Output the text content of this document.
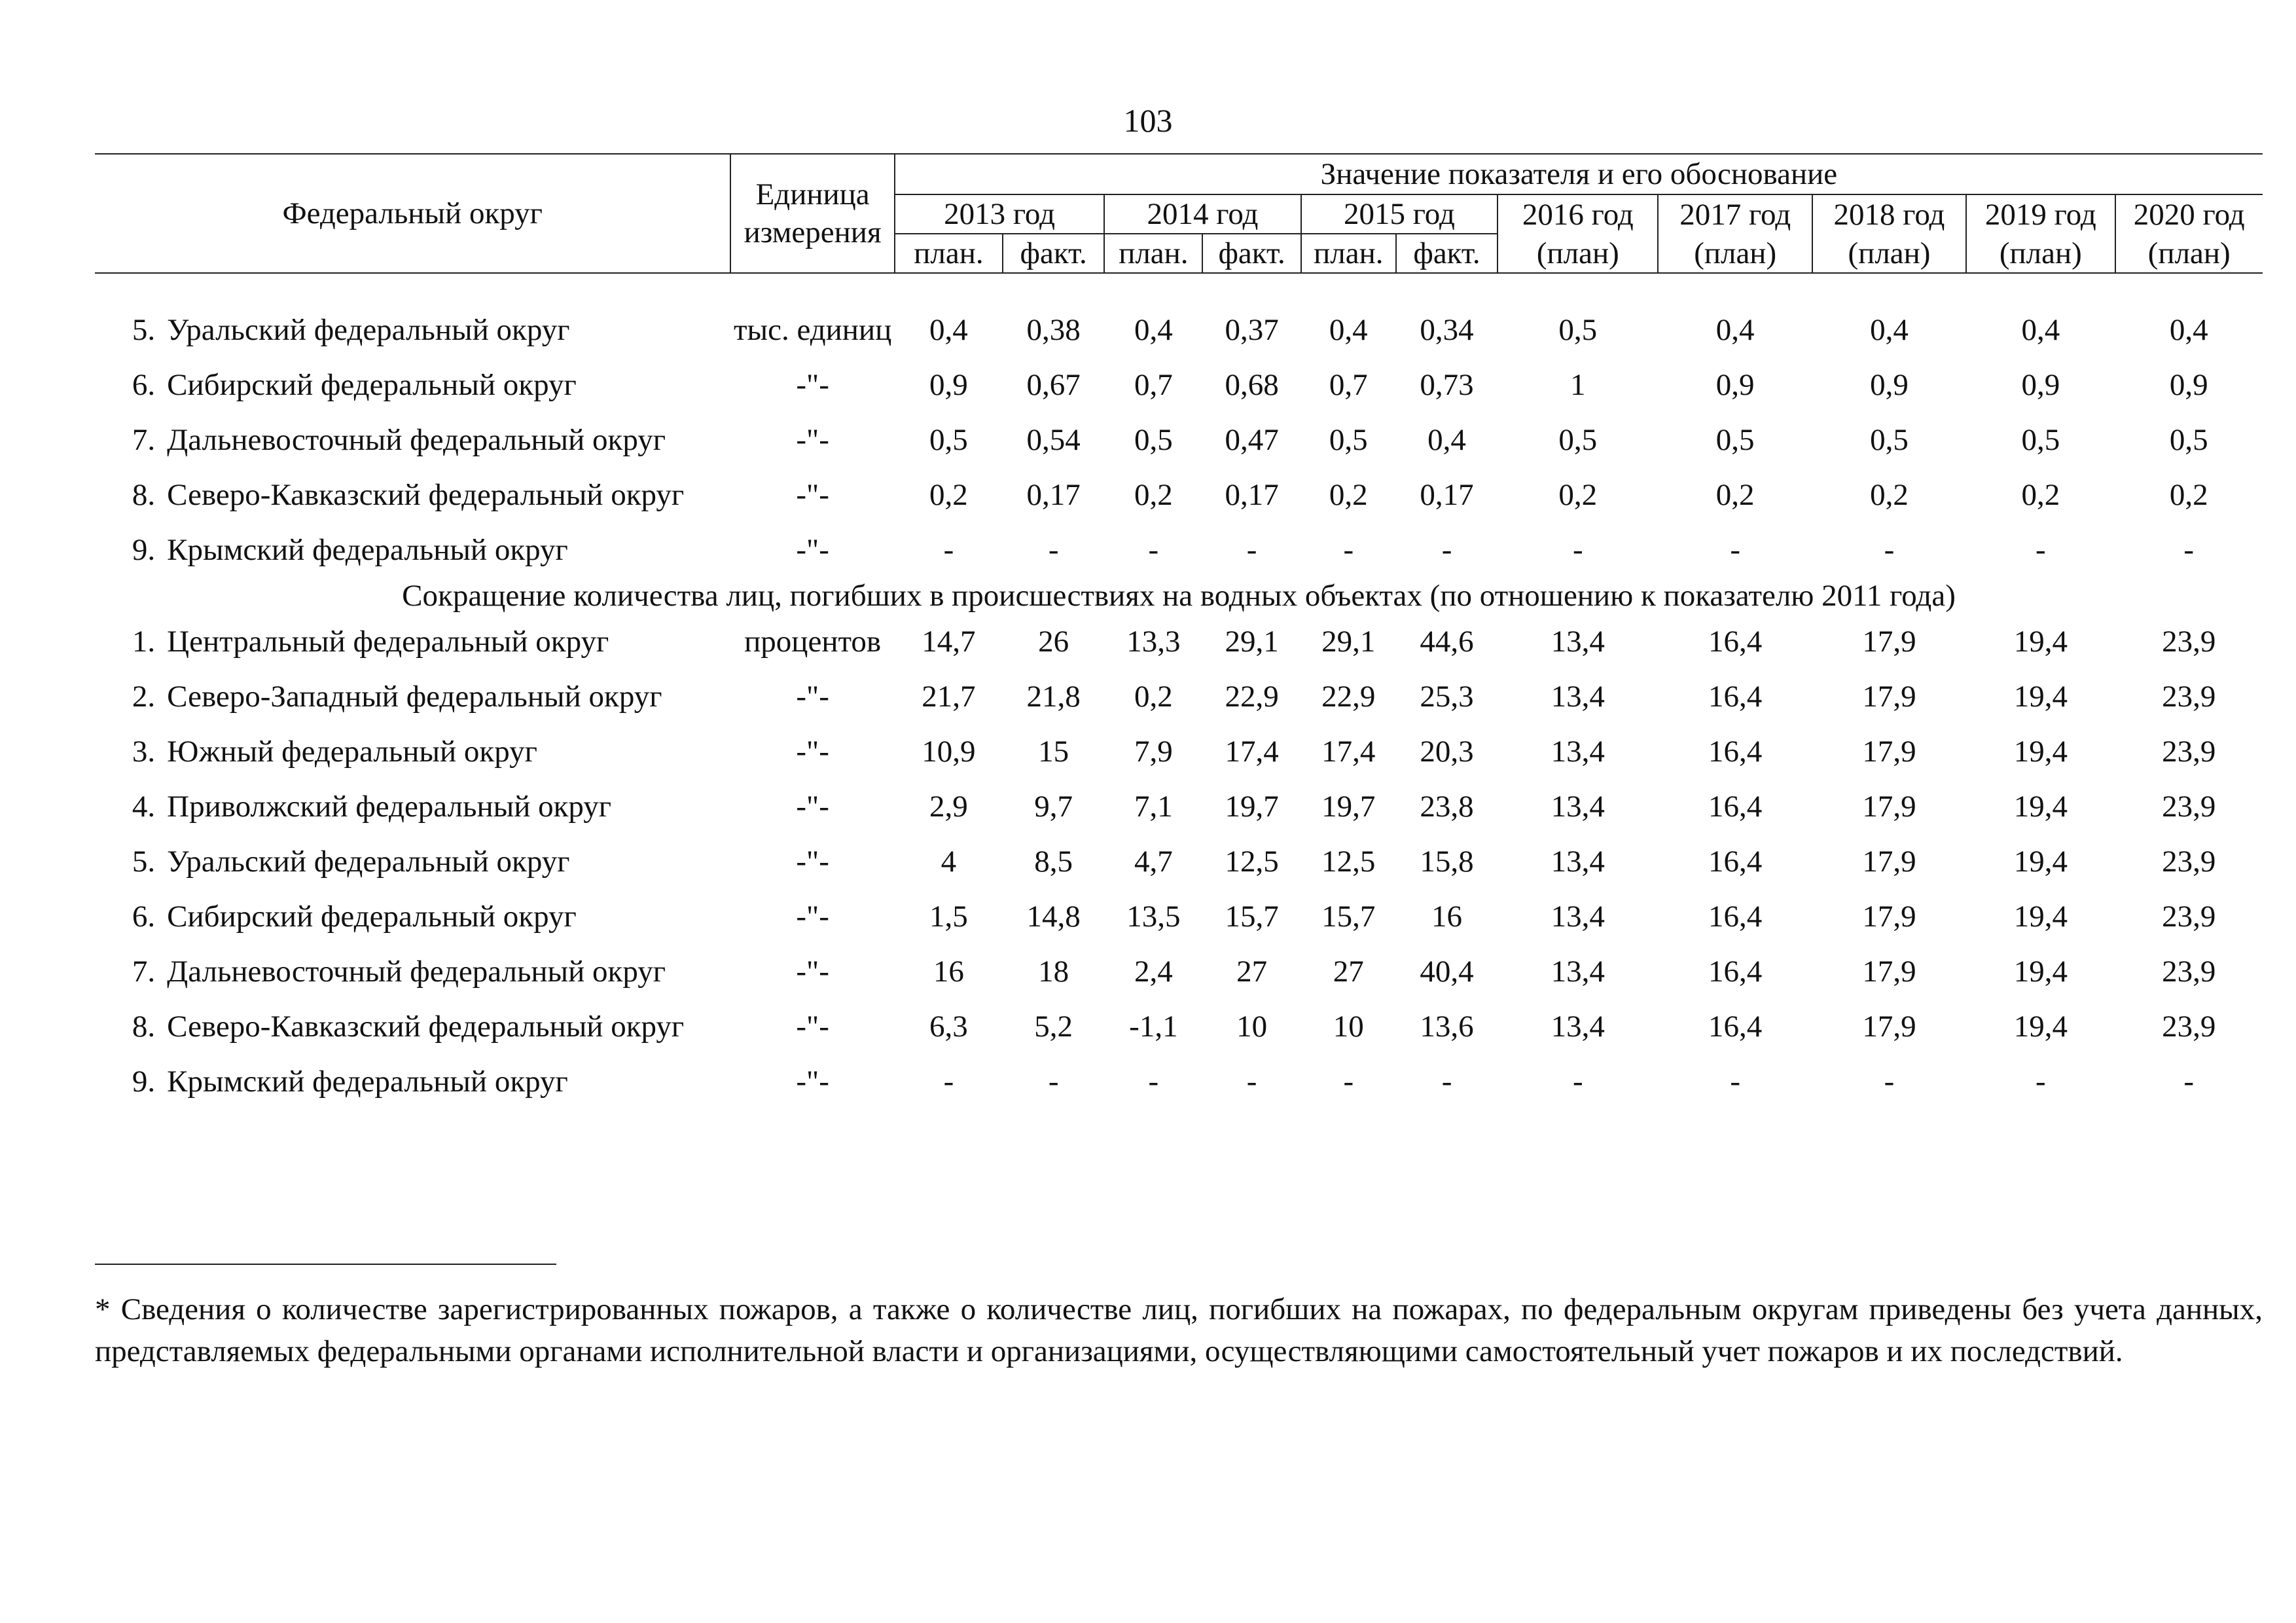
103
Федеральный округ		Единица измерения	Значение показателя и его обоснование										
			2013 год		2014 год		2015 год		2016 год	2017 год	2018 год	2019 год	2020 год
			план.	факт.	план.	факт.	план.	факт.	(план)	(план)	(план)	(план)	(план)

5.	Уральский федеральный округ	тыс. единиц	0,4	0,38	0,4	0,37	0,4	0,34	0,5	0,4	0,4	0,4	0,4
6.	Сибирский федеральный округ	-"-	0,9	0,67	0,7	0,68	0,7	0,73	1	0,9	0,9	0,9	0,9
7.	Дальневосточный федеральный округ	-"-	0,5	0,54	0,5	0,47	0,5	0,4	0,5	0,5	0,5	0,5	0,5
8.	Северо-Кавказский федеральный округ	-"-	0,2	0,17	0,2	0,17	0,2	0,17	0,2	0,2	0,2	0,2	0,2
9.	Крымский федеральный округ	-"-	-	-	-	-	-	-	-	-	-	-	-
Сокращение количества лиц, погибших в происшествиях на водных объектах (по отношению к показателю 2011 года)													
1.	Центральный федеральный округ	процентов	14,7	26	13,3	29,1	29,1	44,6	13,4	16,4	17,9	19,4	23,9
2.	Северо-Западный федеральный округ	-"-	21,7	21,8	0,2	22,9	22,9	25,3	13,4	16,4	17,9	19,4	23,9
3.	Южный федеральный округ	-"-	10,9	15	7,9	17,4	17,4	20,3	13,4	16,4	17,9	19,4	23,9
4.	Приволжский федеральный округ	-"-	2,9	9,7	7,1	19,7	19,7	23,8	13,4	16,4	17,9	19,4	23,9
5.	Уральский федеральный округ	-"-	4	8,5	4,7	12,5	12,5	15,8	13,4	16,4	17,9	19,4	23,9
6.	Сибирский федеральный округ	-"-	1,5	14,8	13,5	15,7	15,7	16	13,4	16,4	17,9	19,4	23,9
7.	Дальневосточный федеральный округ	-"-	16	18	2,4	27	27	40,4	13,4	16,4	17,9	19,4	23,9
8.	Северо-Кавказский федеральный округ	-"-	6,3	5,2	-1,1	10	10	13,6	13,4	16,4	17,9	19,4	23,9
9.	Крымский федеральный округ	-"-	-	-	-	-	-	-	-	-	-	-	-
* Сведения о количестве зарегистрированных пожаров, а также о количестве лиц, погибших на пожарах, по федеральным округам приведены без учета данных, представляемых федеральными органами исполнительной власти и организациями, осуществляющими самостоятельный учет пожаров и их последствий.
